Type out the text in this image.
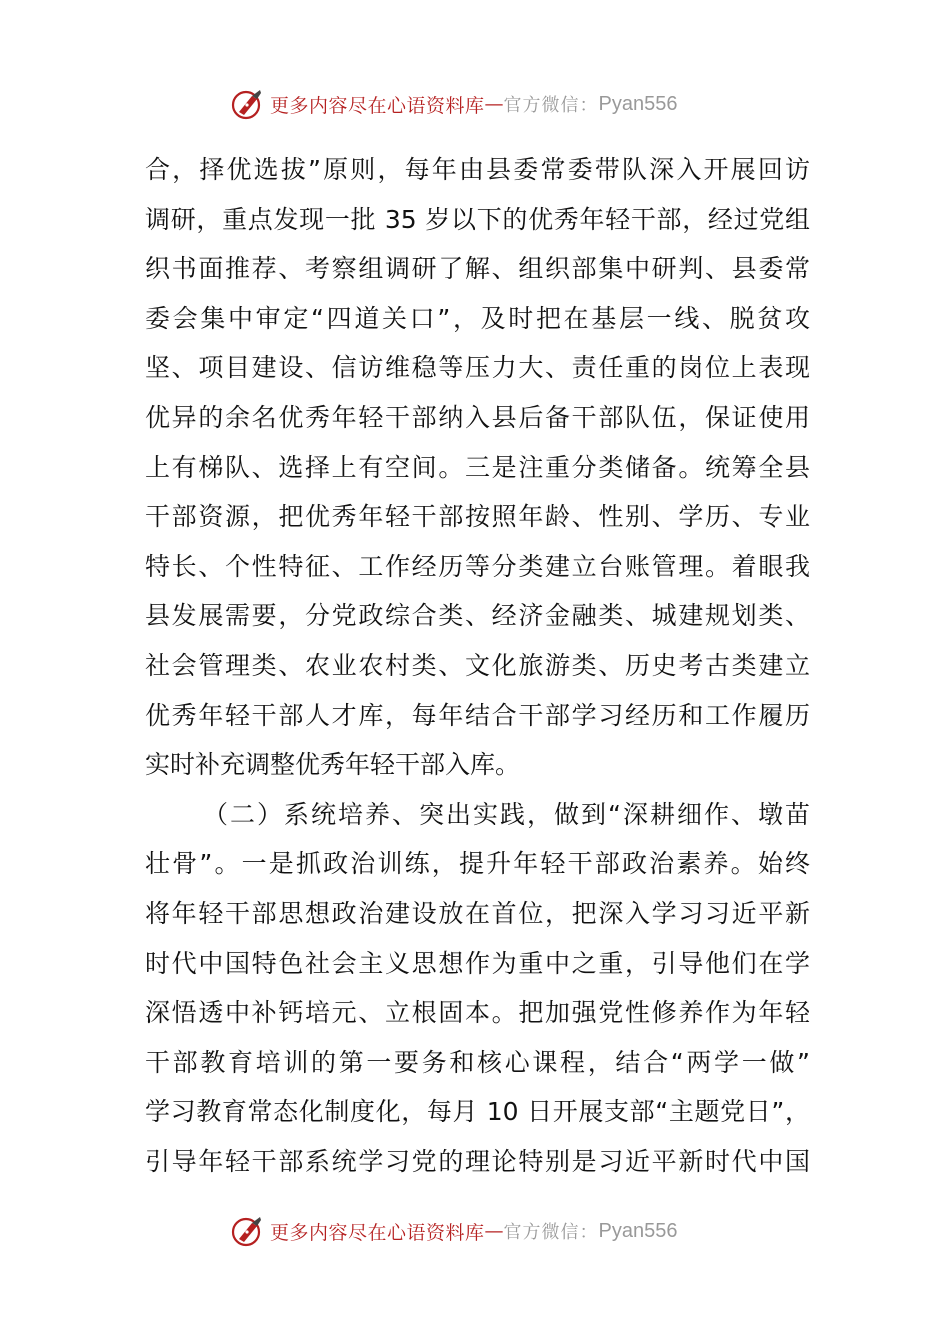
更多内容尽在心语资料库 — 官方微信： Pyan556
合，择优选拔”原则，每年由县委常委带队深入开展回访
调研，重点发现一批 35 岁以下的优秀年轻干部，经过党组
织书面推荐、考察组调研了解、组织部集中研判、县委常
委会集中审定“四道关口”，及时把在基层一线、脱贫攻
坚、项目建设、信访维稳等压力大、责任重的岗位上表现
优异的余名优秀年轻干部纳入县后备干部队伍，保证使用
上有梯队、选择上有空间。三是注重分类储备。统筹全县
干部资源，把优秀年轻干部按照年龄、性别、学历、专业
特长、个性特征、工作经历等分类建立台账管理。着眼我
县发展需要，分党政综合类、经济金融类、城建规划类、
社会管理类、农业农村类、文化旅游类、历史考古类建立
优秀年轻干部人才库，每年结合干部学习经历和工作履历
实时补充调整优秀年轻干部入库。
（二）系统培养、突出实践，做到“深耕细作、墩苗
壮骨”。一是抓政治训练，提升年轻干部政治素养。始终
将年轻干部思想政治建设放在首位，把深入学习习近平新
时代中国特色社会主义思想作为重中之重，引导他们在学
深悟透中补钙培元、立根固本。把加强党性修养作为年轻
干部教育培训的第一要务和核心课程，结合“两学一做”
学习教育常态化制度化，每月 10 日开展支部“主题党日”，
引导年轻干部系统学习党的理论特别是习近平新时代中国
更多内容尽在心语资料库 — 官方微信： Pyan556
